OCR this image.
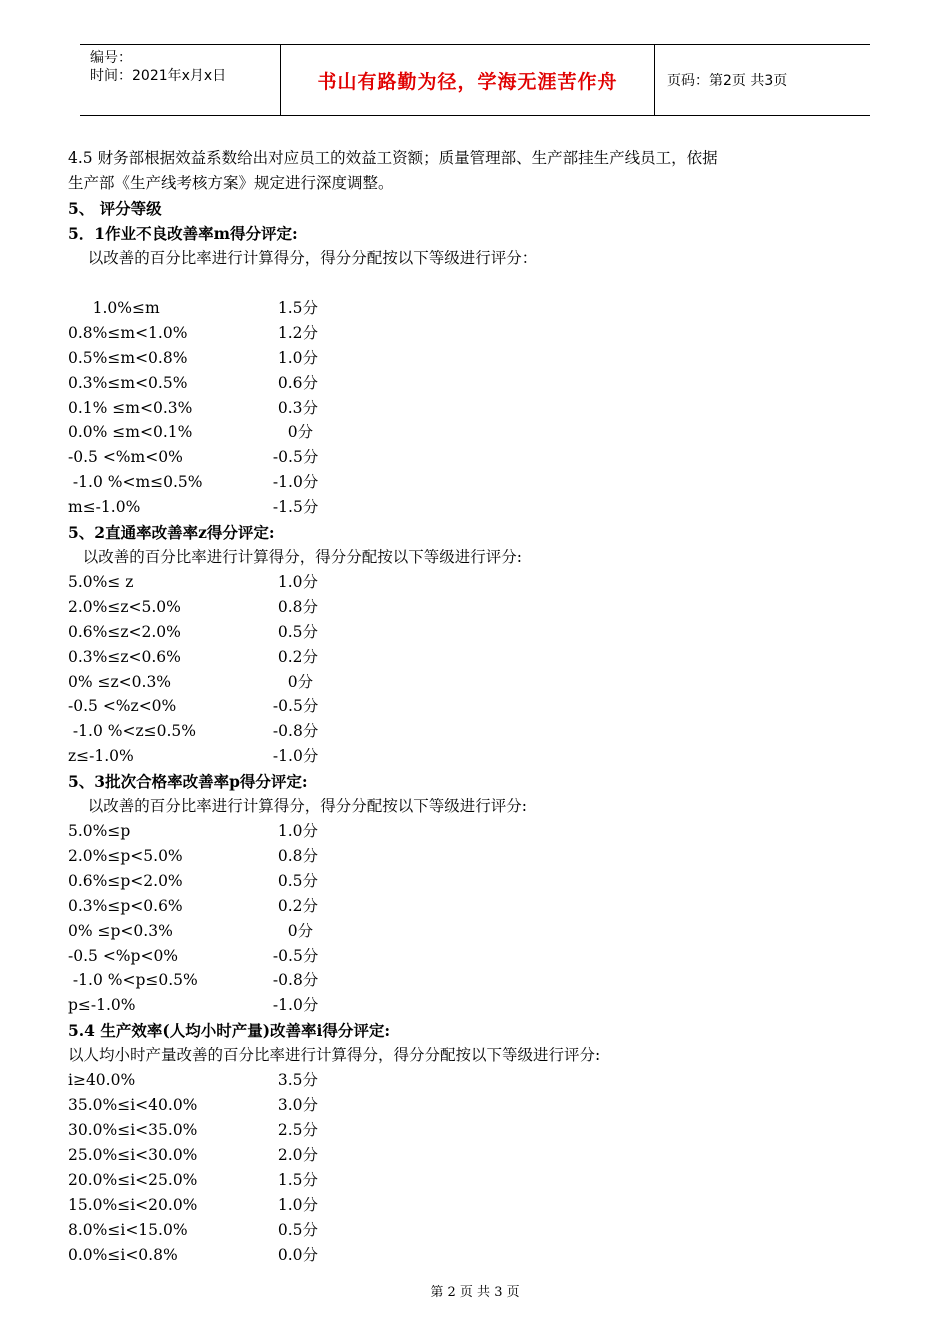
编号：
时间：2021年x月x日	书山有路勤为径，学海无涯苦作舟	页码：第2页 共3页

4.5 财务部根据效益系数给出对应员工的效益工资额；质量管理部、生产部挂生产线员工，依据

生产部《生产线考核方案》规定进行深度调整。

5、 评分等级

5．1作业不良改善率m得分评定:

以改善的百分比率进行计算得分，得分分配按以下等级进行评分：

1.0%≤m	1.5分
0.8%≤m<1.0%	1.2分
0.5%≤m<0.8%	1.0分
0.3%≤m<0.5%	0.6分
0.1% ≤m<0.3%	0.3分
0.0% ≤m<0.1%	0分
-0.5 <%m<0%	-0.5分
-1.0 %<m≤0.5%	-1.0分
m≤-1.0%	-1.5分

5、2直通率改善率z得分评定:

以改善的百分比率进行计算得分，得分分配按以下等级进行评分:

5.0%≤ z	1.0分
2.0%≤z<5.0%	0.8分
0.6%≤z<2.0%	0.5分
0.3%≤z<0.6%	0.2分
0% ≤z<0.3%	0分
-0.5 <%z<0%	-0.5分
-1.0 %<z≤0.5%	-0.8分
z≤-1.0%	-1.0分

5、3批次合格率改善率p得分评定:

以改善的百分比率进行计算得分，得分分配按以下等级进行评分:

5.0%≤p	1.0分
2.0%≤p<5.0%	0.8分
0.6%≤p<2.0%	0.5分
0.3%≤p<0.6%	0.2分
0% ≤p<0.3%	0分
-0.5 <%p<0%	-0.5分
-1.0 %<p≤0.5%	-0.8分
p≤-1.0%	-1.0分

5.4 生产效率(人均小时产量)改善率i得分评定:

以人均小时产量改善的百分比率进行计算得分，得分分配按以下等级进行评分:

i≥40.0%	3.5分
35.0%≤i<40.0%	3.0分
30.0%≤i<35.0%	2.5分
25.0%≤i<30.0%	2.0分
20.0%≤i<25.0%	1.5分
15.0%≤i<20.0%	1.0分
8.0%≤i<15.0%	0.5分
0.0%≤i<0.8%	0.0分
第 2 页 共 3 页
